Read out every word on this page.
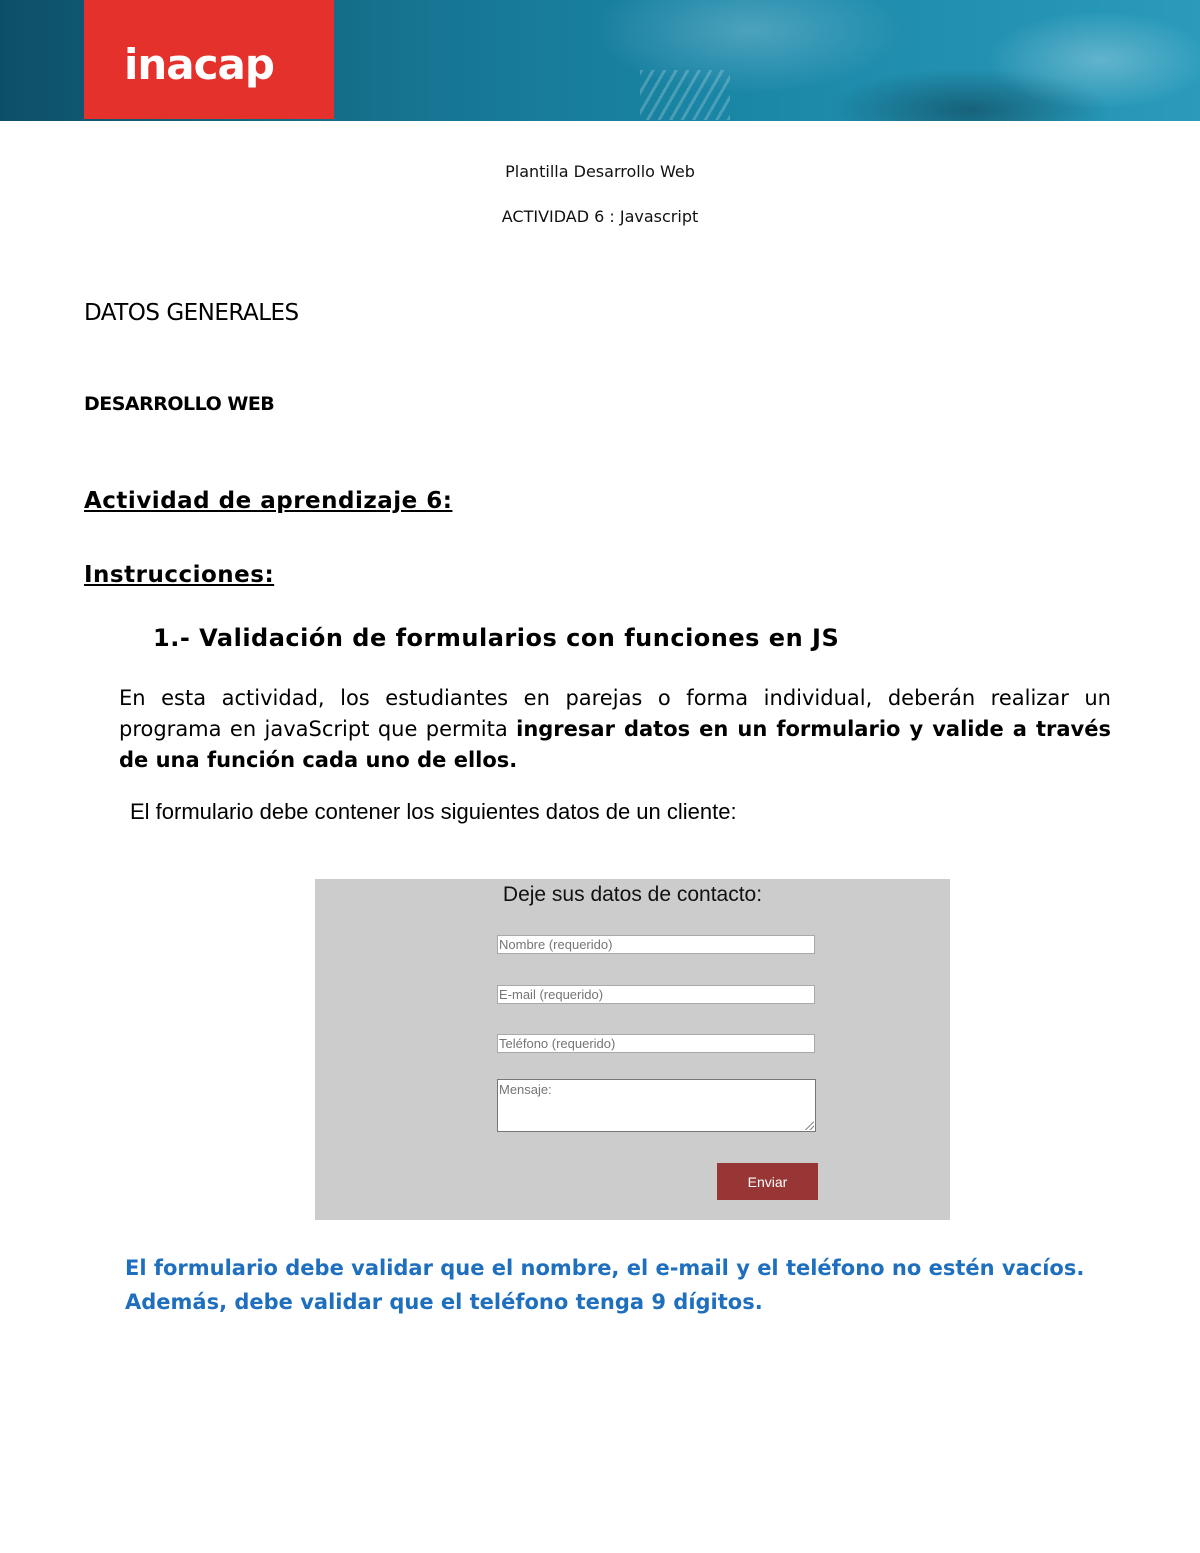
inacap
Plantilla Desarrollo Web
ACTIVIDAD 6 : Javascript
DATOS GENERALES
DESARROLLO WEB
Actividad de aprendizaje 6:
Instrucciones:
1.- Validación de formularios con funciones en JS
En esta actividad, los estudiantes en parejas o forma individual, deberán realizar un programa en javaScript que permita ingresar datos en un formulario y valide a través de una función cada uno de ellos.
El formulario debe contener los siguientes datos de un cliente:
Deje sus datos de contacto:
Nombre (requerido)
E-mail (requerido)
Teléfono (requerido)
Mensaje:
Enviar
El formulario debe validar que el nombre, el e-mail y el teléfono no estén vacíos. Además, debe validar que el teléfono tenga 9 dígitos.
